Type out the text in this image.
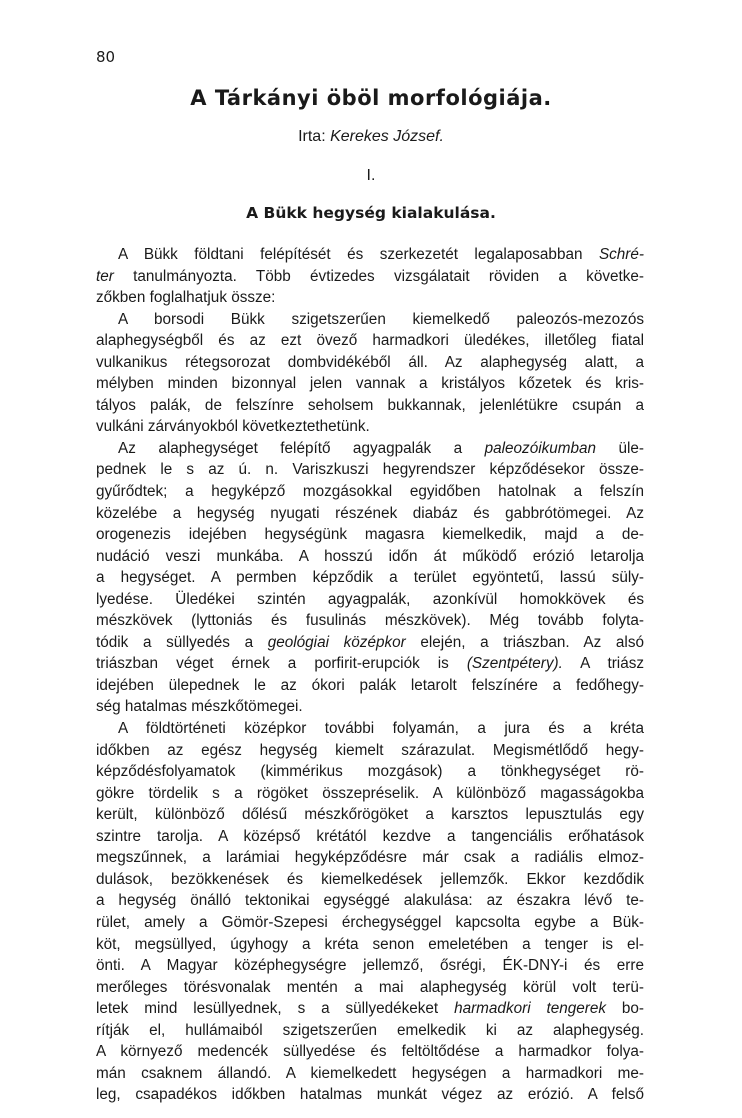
80
A Tárkányi öböl morfológiája.
Irta: Kerekes József.
I.
A Bükk hegység kialakulása.
A Bükk földtani felépítését és szerkezetét legalaposabban Schré-
ter tanulmányozta. Több évtizedes vizsgálatait röviden a követke-
zőkben foglalhatjuk össze:
A borsodi Bükk szigetszerűen kiemelkedő paleozós-mezozós
alaphegységből és az ezt övező harmadkori üledékes, illetőleg fiatal
vulkanikus rétegsorozat dombvidékéből áll. Az alaphegység alatt, a
mélyben minden bizonnyal jelen vannak a kristályos kőzetek és kris-
tályos palák, de felszínre seholsem bukkannak, jelenlétükre csupán a
vulkáni zárványokból következtethetünk.
Az alaphegységet felépítő agyagpalák a paleozóikumban üle-
pednek le s az ú. n. Variszkuszi hegyrendszer képződésekor össze-
gyűrődtek; a hegyképző mozgásokkal egyidőben hatolnak a felszín
közelébe a hegység nyugati részének diabáz és gabbrótömegei. Az
orogenezis idejében hegységünk magasra kiemelkedik, majd a de-
nudáció veszi munkába. A hosszú időn át működő erózió letarolja
a hegységet. A permben képződik a terület egyöntetű, lassú süly-
lyedése. Üledékei szintén agyagpalák, azonkívül homokkövek és
mészkövek (lyttoniás és fusulinás mészkövek). Még tovább folyta-
tódik a süllyedés a geológiai középkor elején, a triászban. Az alsó
triászban véget érnek a porfirit-erupciók is (Szentpétery). A triász
idejében ülepednek le az ókori palák letarolt felszínére a fedőhegy-
ség hatalmas mészkőtömegei.
A földtörténeti középkor további folyamán, a jura és a kréta
időkben az egész hegység kiemelt szárazulat. Megismétlődő hegy-
képződésfolyamatok (kimmérikus mozgások) a tönkhegységet rö-
gökre tördelik s a rögöket összepréselik. A különböző magasságokba
került, különböző dőlésű mészkőrögöket a karsztos lepusztulás egy
szintre tarolja. A középső krétától kezdve a tangenciális erőhatások
megszűnnek, a larámiai hegyképződésre már csak a radiális elmoz-
dulások, bezökkenések és kiemelkedések jellemzők. Ekkor kezdődik
a hegység önálló tektonikai egységgé alakulása: az északra lévő te-
rület, amely a Gömör-Szepesi érchegységgel kapcsolta egybe a Bük-
köt, megsüllyed, úgyhogy a kréta senon emeletében a tenger is el-
önti. A Magyar középhegységre jellemző, ősrégi, ÉK-DNY-i és erre
merőleges törésvonalak mentén a mai alaphegység körül volt terü-
letek mind lesüllyednek, s a süllyedékeket harmadkori tengerek bo-
rítják el, hullámaiból szigetszerűen emelkedik ki az alaphegység.
A környező medencék süllyedése és feltöltődése a harmadkor folya-
mán csaknem állandó. A kiemelkedett hegységen a harmadkori me-
leg, csapadékos időkben hatalmas munkát végez az erózió. A felső
